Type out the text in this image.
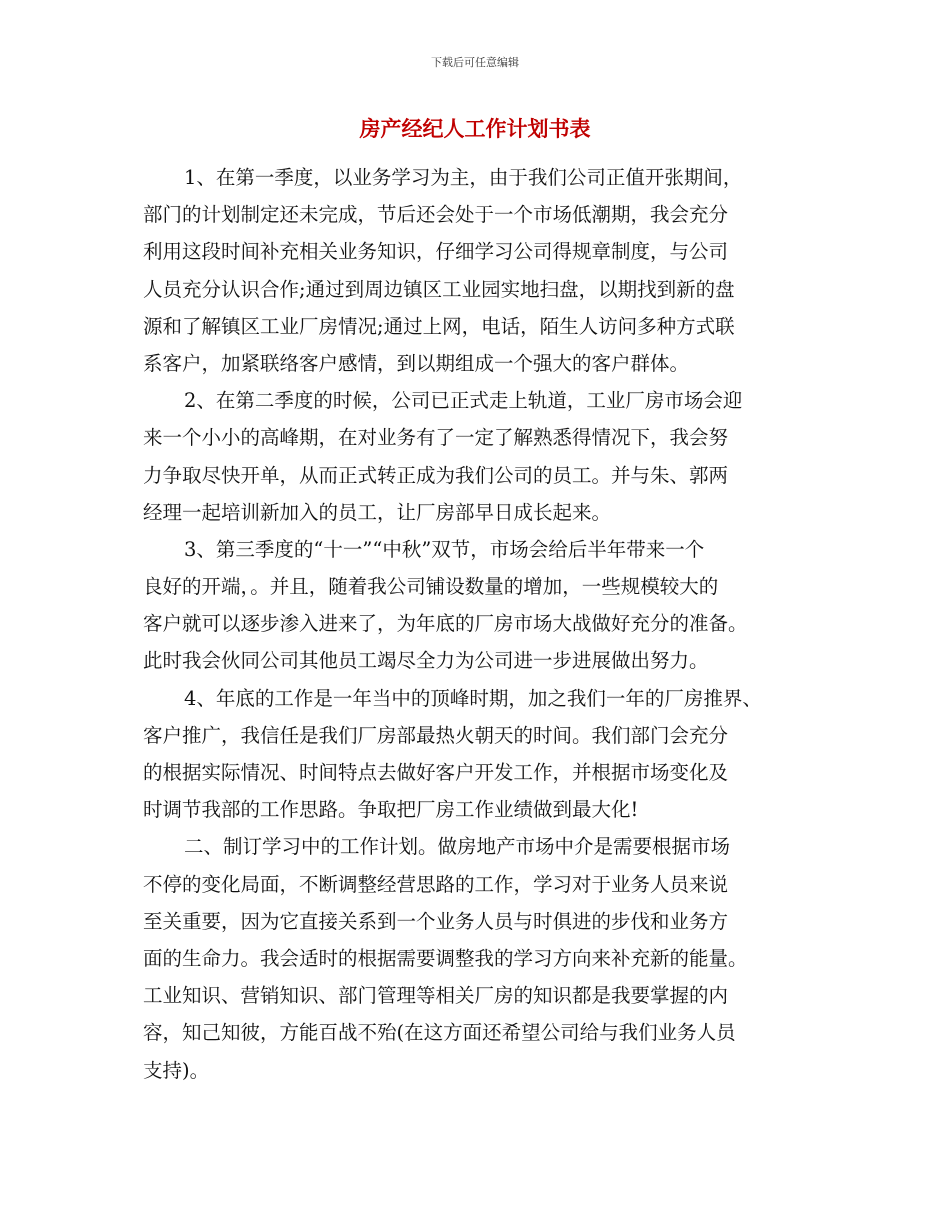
下载后可任意编辑
房产经纪人工作计划书表
1、在第一季度，以业务学习为主，由于我们公司正值开张期间，
部门的计划制定还未完成，节后还会处于一个市场低潮期，我会充分
利用这段时间补充相关业务知识，仔细学习公司得规章制度，与公司
人员充分认识合作;通过到周边镇区工业园实地扫盘，以期找到新的盘
源和了解镇区工业厂房情况;通过上网，电话，陌生人访问多种方式联
系客户，加紧联络客户感情，到以期组成一个强大的客户群体。
2、在第二季度的时候，公司已正式走上轨道，工业厂房市场会迎
来一个小小的高峰期，在对业务有了一定了解熟悉得情况下，我会努
力争取尽快开单，从而正式转正成为我们公司的员工。并与朱、郭两
经理一起培训新加入的员工，让厂房部早日成长起来。
3、第三季度的“十一”“中秋”双节，市场会给后半年带来一个
良好的开端，。并且，随着我公司铺设数量的增加，一些规模较大的
客户就可以逐步渗入进来了，为年底的厂房市场大战做好充分的准备。
此时我会伙同公司其他员工竭尽全力为公司进一步进展做出努力。
4、年底的工作是一年当中的顶峰时期，加之我们一年的厂房推界、
客户推广，我信任是我们厂房部最热火朝天的时间。我们部门会充分
的根据实际情况、时间特点去做好客户开发工作，并根据市场变化及
时调节我部的工作思路。争取把厂房工作业绩做到最大化!
二、制订学习中的工作计划。做房地产市场中介是需要根据市场
不停的变化局面，不断调整经营思路的工作，学习对于业务人员来说
至关重要，因为它直接关系到一个业务人员与时俱进的步伐和业务方
面的生命力。我会适时的根据需要调整我的学习方向来补充新的能量。
工业知识、营销知识、部门管理等相关厂房的知识都是我要掌握的内
容，知己知彼，方能百战不殆(在这方面还希望公司给与我们业务人员
支持)。
